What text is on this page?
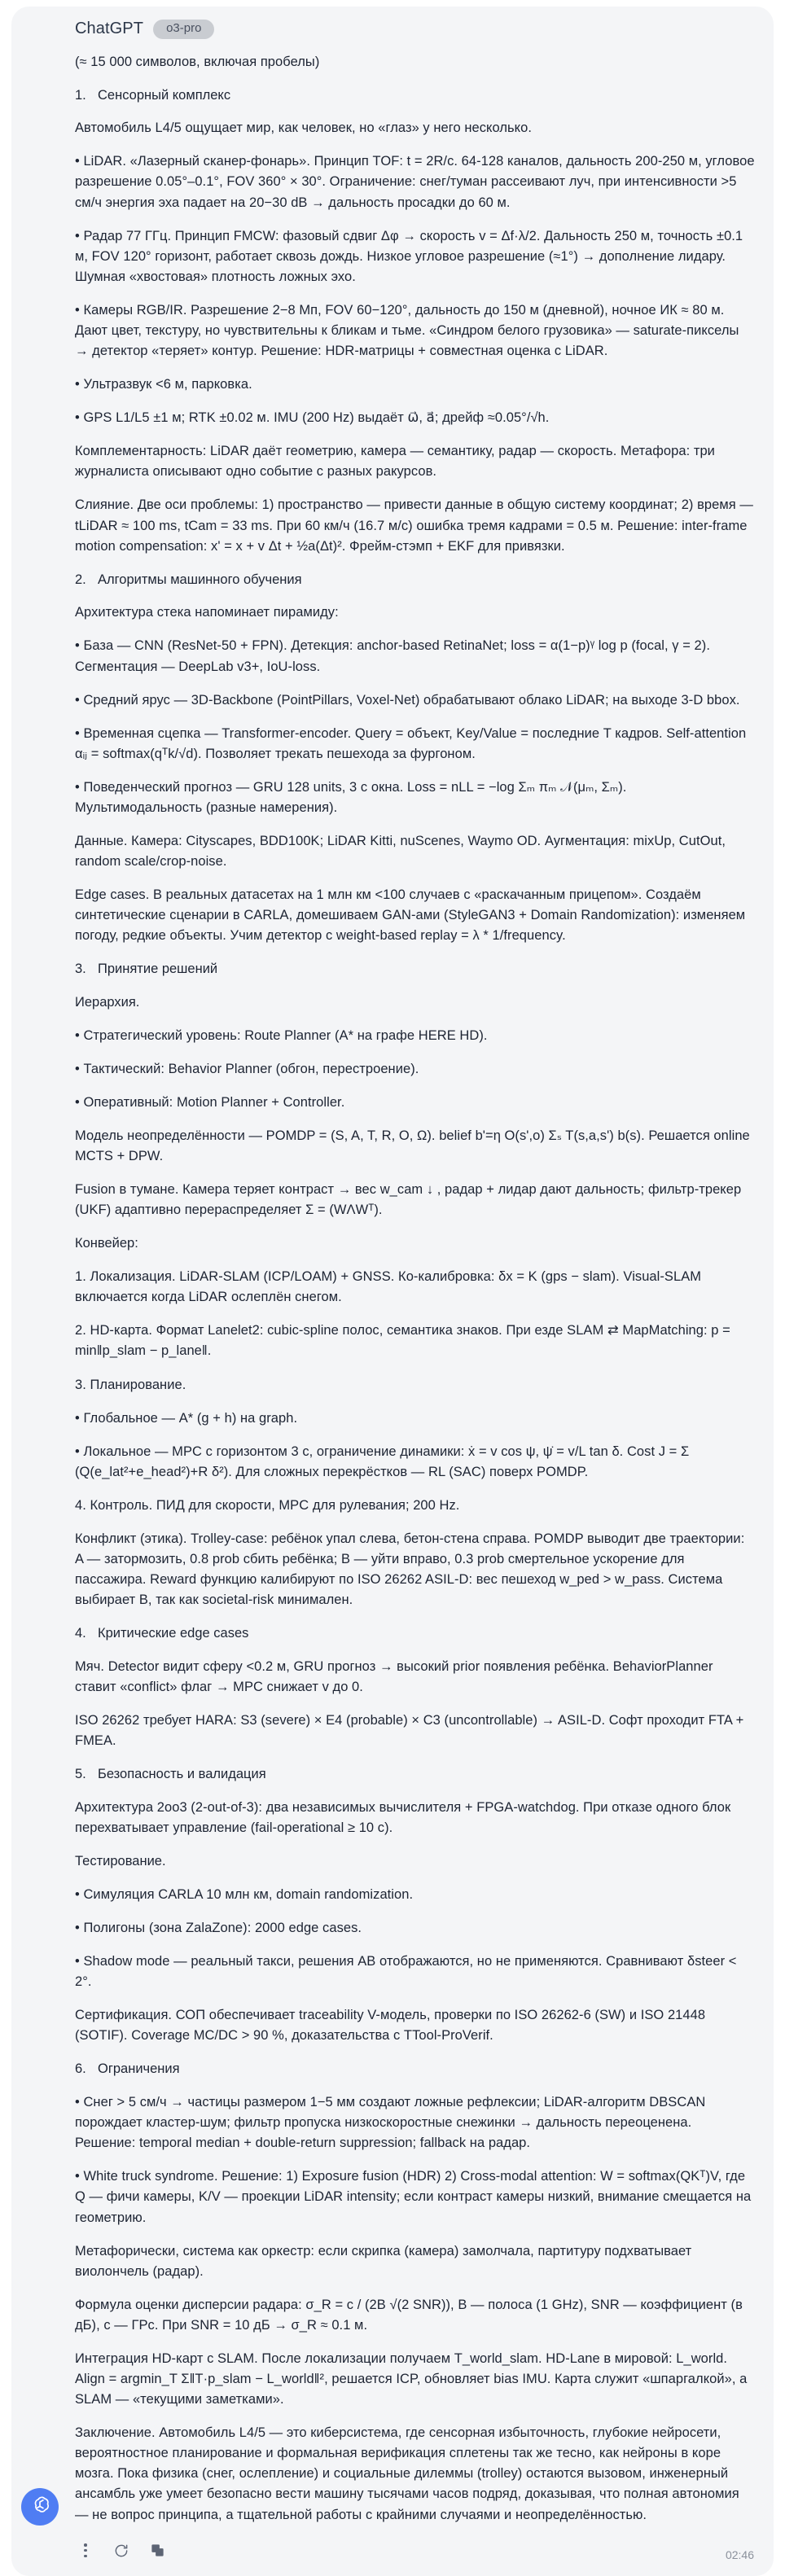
ChatGPT	o3-pro

(≈ 15 000 символов, включая пробелы)

1. Сенсорный комплекс

Автомобиль L4/5 ощущает мир, как человек, но «глаз» у него несколько.

• LiDAR. «Лазерный сканер-фонарь». Принцип TOF: t = 2R/c. 64-128 каналов, дальность 200-250 м, угловое разрешение 0.05°–0.1°, FOV 360° × 30°. Ограничение: снег/туман рассеивают луч, при интенсивности >5 см/ч энергия эха падает на 20−30 dB → дальность просадки до 60 м.

• Радар 77 ГГц. Принцип FMCW: фазовый сдвиг Δφ → скорость v = Δf·λ/2. Дальность 250 м, точность ±0.1 м, FOV 120° горизонт, работает сквозь дождь. Низкое угловое разрешение (≈1°) → дополнение лидару. Шумная «хвостовая» плотность ложных эхо.

• Камеры RGB/IR. Разрешение 2−8 Мп, FOV 60−120°, дальность до 150 м (дневной), ночное ИК ≈ 80 м. Дают цвет, текстуру, но чувствительны к бликам и тьме. «Синдром белого грузовика» — saturate-пикселы → детектор «теряет» контур. Решение: HDR-матрицы + совместная оценка с LiDAR.

• Ультразвук <6 м, парковка.

• GPS L1/L5 ±1 м; RTK ±0.02 м. IMU (200 Hz) выдаёт ω⃗, a⃗; дрейф ≈0.05°/√h.

Комплементарность: LiDAR даёт геометрию, камера — семантику, радар — скорость. Метафора: три журналиста описывают одно событие с разных ракурсов.

Слияние. Две оси проблемы: 1) пространство — привести данные в общую систему координат; 2) время — tLiDAR ≈ 100 ms, tCam = 33 ms. При 60 км/ч (16.7 м/с) ошибка тремя кадрами = 0.5 м. Решение: inter-frame motion compensation: x' = x + v Δt + ½a(Δt)². Фрейм-стэмп + EKF для привязки.

2. Алгоритмы машинного обучения

Архитектура стека напоминает пирамиду:

• База — CNN (ResNet-50 + FPN). Детекция: anchor-based RetinaNet; loss = α(1−p)ᵞ log p (focal, γ = 2). Сегментация — DeepLab v3+, IoU-loss.

• Средний ярус — 3D-Backbone (PointPillars, Voxel-Net) обрабатывают облако LiDAR; на выходе 3-D bbox.

• Временная сцепка — Transformer-encoder. Query = объект, Key/Value = последние T кадров. Self-attention αᵢⱼ = softmax(qᵀk/√d). Позволяет трекать пешехода за фургоном.

• Поведенческий прогноз — GRU 128 units, 3 с окна. Loss = nLL = −log Σₘ πₘ 𝒩(μₘ, Σₘ). Мультимодальность (разные намерения).

Данные. Камера: Cityscapes, BDD100K; LiDAR Kitti, nuScenes, Waymo OD. Аугментация: mixUp, CutOut, random scale/crop-noise.

Edge cases. В реальных датасетах на 1 млн км <100 случаев с «раскачанным прицепом». Создаём синтетические сценарии в CARLA, домешиваем GAN-ами (StyleGAN3 + Domain Randomization): изменяем погоду, редкие объекты. Учим детектор с weight-based replay = λ * 1/frequency.

3. Принятие решений

Иерархия.

• Стратегический уровень: Route Planner (A* на графе HERE HD).

• Тактический: Behavior Planner (обгон, перестроение).

• Оперативный: Motion Planner + Controller.

Модель неопределённости — POMDP = (S, A, T, R, O, Ω). belief b'=η O(s',o) Σₛ T(s,a,s') b(s). Решается online MCTS + DPW.

Fusion в тумане. Камера теряет контраст → вес w_cam ↓ , радар + лидар дают дальность; фильтр-трекер (UKF) адаптивно перераспределяет Σ = (WΛWᵀ).

Конвейер:

1. Локализация. LiDAR-SLAM (ICP/LOAM) + GNSS. Ко-калибровка: δx = K (gps − slam). Visual-SLAM включается когда LiDAR ослеплён снегом.

2. HD-карта. Формат Lanelet2: cubic-spline полос, семантика знаков. При езде SLAM ⇄ MapMatching: p = min‖p_slam − p_lane‖.

3. Планирование.

• Глобальное — A* (g + h) на graph.

• Локальное — MPC с горизонтом 3 с, ограничение динамики: ẋ = v cos ψ, ψ̇ = v/L tan δ. Cost J = Σ (Q(e_lat²+e_head²)+R δ²). Для сложных перекрёстков — RL (SAC) поверх POMDP.

4. Контроль. ПИД для скорости, MPC для рулевания; 200 Hz.

Конфликт (этика). Trolley-case: ребёнок упал слева, бетон-стена справа. POMDP выводит две траектории: A — затормозить, 0.8 prob сбить ребёнка; B — уйти вправо, 0.3 prob смертельное ускорение для пассажира. Reward функцию калибируют по ISO 26262 ASIL-D: вес пешеход w_ped > w_pass. Система выбирает B, так как societal-risk минимален.

4. Критические edge cases

Мяч. Detector видит сферу <0.2 м, GRU прогноз → высокий prior появления ребёнка. BehaviorPlanner ставит «conflict» флаг → MPC снижает v до 0.

ISO 26262 требует HARA: S3 (severe) × E4 (probable) × C3 (uncontrollable) → ASIL-D. Софт проходит FTA + FMEA.

5. Безопасность и валидация

Архитектура 2оо3 (2-out-of-3): два независимых вычислителя + FPGA-watchdog. При отказе одного блок перехватывает управление (fail-operational ≥ 10 c).

Тестирование.

• Симуляция CARLA 10 млн км, domain randomization.

• Полигоны (зона ZalaZone): 2000 edge cases.

• Shadow mode — реальный такси, решения AB отображаются, но не применяются. Сравнивают δsteer < 2°.

Сертификация. СОП обеспечивает traceability V-модель, проверки по ISO 26262-6 (SW) и ISO 21448 (SOTIF). Coverage MC/DC > 90 %, доказательства с TTool-ProVerif.

6. Ограничения

• Снег > 5 см/ч → частицы размером 1−5 мм создают ложные рефлексии; LiDAR-алгоритм DBSCAN порождает кластер-шум; фильтр пропуска низкоскоростные снежинки → дальность переоценена. Решение: temporal median + double-return suppression; fallback на радар.

• White truck syndrome. Решение: 1) Exposure fusion (HDR) 2) Cross-modal attention: W = softmax(QKᵀ)V, где Q — фичи камеры, K/V — проекции LiDAR intensity; если контраст камеры низкий, внимание смещается на геометрию.

Метафорически, система как оркестр: если скрипка (камера) замолчала, партитуру подхватывает виолончель (радар).

Формула оценки дисперсии радарa: σ_R = c / (2B √(2 SNR)), B — полоса (1 GHz), SNR — коэффициент (в дБ), c — ГРс. При SNR = 10 дБ → σ_R ≈ 0.1 м.

Интеграция HD-карт с SLAM. После локализации получаем T_world_slam. HD-Lane в мировой: L_world. Align = argmin_T Σ‖T·p_slam − L_world‖², решается ICP, обновляет bias IMU. Карта служит «шпаргалкой», а SLAM — «текущими заметками».

Заключение. Автомобиль L4/5 — это киберсистема, где сенсорная избыточность, глубокие нейросети, вероятностное планирование и формальная верификация сплетены так же тесно, как нейроны в коре мозга. Пока физика (снег, ослепление) и социальные дилеммы (trolley) остаются вызовом, инженерный ансамбль уже умеет безопасно вести машину тысячами часов подряд, доказывая, что полная автономия — не вопрос принципа, а тщательной работы с крайними случаями и неопределённостью.

02:46
